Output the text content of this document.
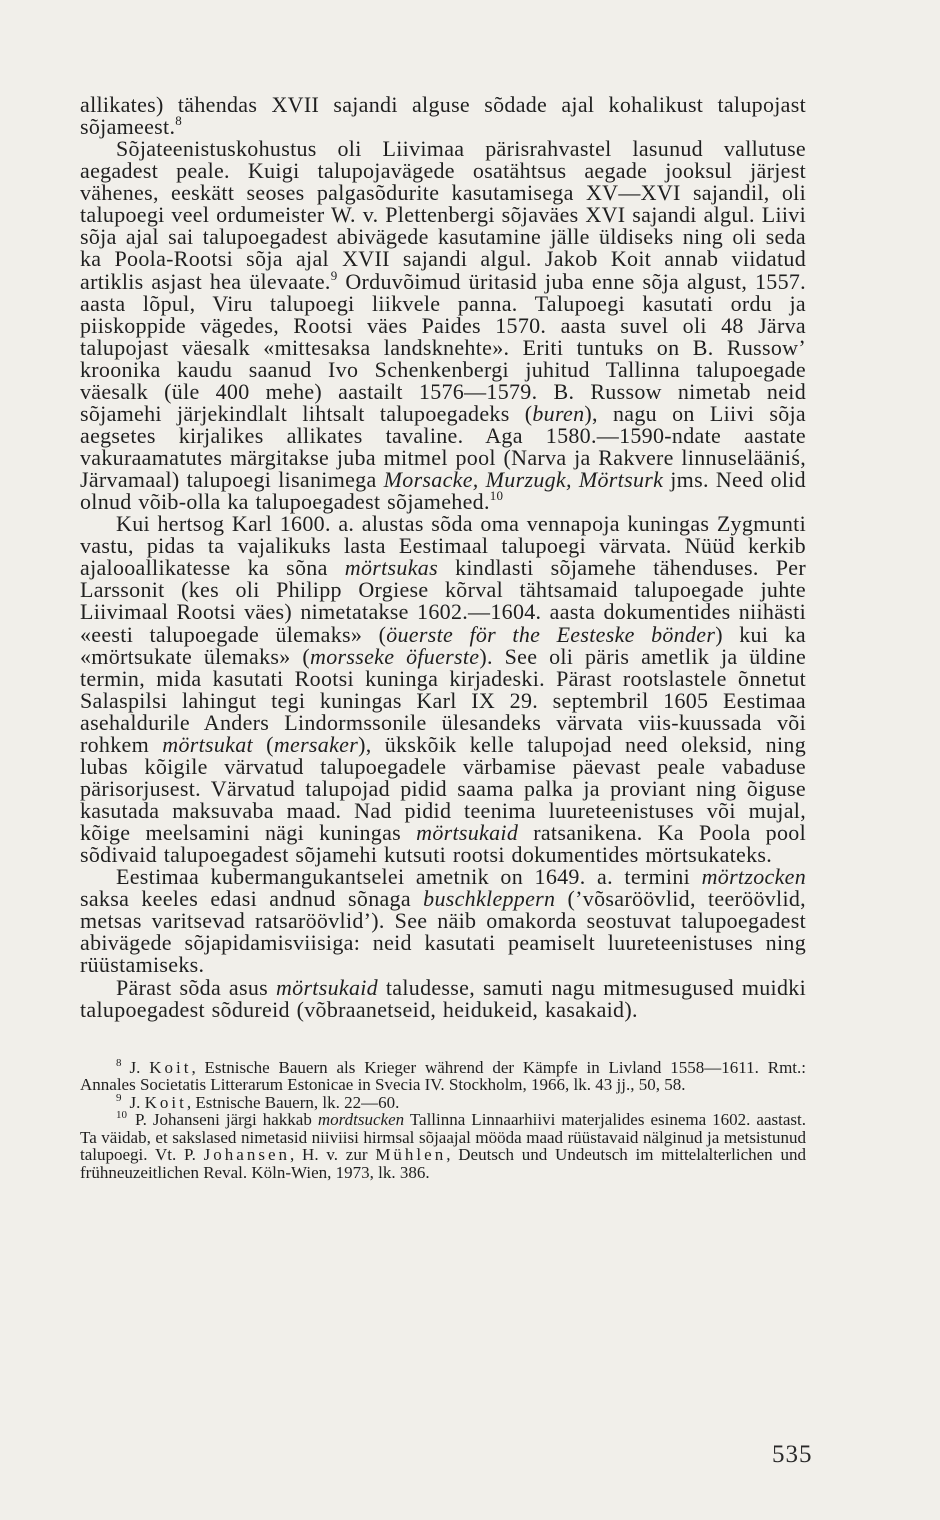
allikates) tähendas XVII sajandi alguse sõdade ajal kohalikust talupojast sõjameest.$^8$

Sõjateenistuskohustus oli Liivimaa pärisrahvastel lasunud vallutuse aegadest peale. Kuigi talupojavägede osatähtsus aegade jooksul järjest vähenes, eeskätt seoses palgasõdurite kasutamisega XV—XVI sajandil, oli talupoegi veel ordumeister W. v. Plettenbergi sõjaväes XVI sajandi algul. Liivi sõja ajal sai talupoegadest abivägede kasutamine jälle üldiseks ning oli seda ka Poola-Rootsi sõja ajal XVII sajandi algul. Jakob Koit annab viidatud artiklis asjast hea ülevaate.$^9$ Orduvõimud üritasid juba enne sõja algust, 1557. aasta lõpul, Viru talupoegi liikvele panna. Talupoegi kasutati ordu ja piiskoppide vägedes, Rootsi väes Paides 1570. aasta suvel oli 48 Järva talupojast väesalk «mittesaksa landsknehte». Eriti tuntuks on B. Russow’ kroonika kaudu saanud Ivo Schenkenbergi juhitud Tallinna talupoegade väesalk (üle 400 mehe) aastailt 1576—1579. B. Russow nimetab neid sõjamehi järjekindlalt lihtsalt talupoegadeks (buren), nagu on Liivi sõja aegsetes kirjalikes allikates tavaline. Aga 1580.—1590-ndate aastate vakuraamatutes märgitakse juba mitmel pool (Narva ja Rakvere linnuselääniś, Järvamaal) talupoegi lisanimega Morsacke, Murzugk, Mörtsurk jms. Need olid olnud võib-olla ka talupoegadest sõjamehed.$^{10}$

Kui hertsog Karl 1600. a. alustas sõda oma vennapoja kuningas Zygmunti vastu, pidas ta vajalikuks lasta Eestimaal talupoegi värvata. Nüüd kerkib ajalooallikatesse ka sõna mörtsukas kindlasti sõjamehe tähenduses. Per Larssonit (kes oli Philipp Orgiese kõrval tähtsamaid talupoegade juhte Liivimaal Rootsi väes) nimetatakse 1602.—1604. aasta dokumentides niihästi «eesti talupoegade ülemaks» (öuerste för the Eesteske bönder) kui ka «mörtsukate ülemaks» (morsseke öfuerste). See oli päris ametlik ja üldine termin, mida kasutati Rootsi kuninga kirjadeski. Pärast rootslastele õnnetut Salaspilsi lahingut tegi kuningas Karl IX 29. septembril 1605 Eestimaa asehaldurile Anders Lindormssonile ülesandeks värvata viis-kuussada või rohkem mörtsukat (mersaker), ükskõik kelle talupojad need oleksid, ning lubas kõigile värvatud talupoegadele värbamise päevast peale vabaduse pärisorjusest. Värvatud talupojad pidid saama palka ja proviant ning õiguse kasutada maksuvaba maad. Nad pidid teenima luureteenistuses või mujal, kõige meelsamini nägi kuningas mörtsukaid ratsanikena. Ka Poola pool sõdivaid talupoegadest sõjamehi kutsuti rootsi dokumentides mörtsukateks.

Eestimaa kubermangukantselei ametnik on 1649. a. termini mörtzocken saksa keeles edasi andnud sõnaga buschkleppern (’võsaröövlid, teeröövlid, metsas varitsevad ratsaröövlid’). See näib omakorda seostuvat talupoegadest abivägede sõjapidamisviisiga: neid kasutati peamiselt luureteenistuses ning rüüstamiseks.

Pärast sõda asus mörtsukaid taludesse, samuti nagu mitmesugused muidki talupoegadest sõdureid (võbraanetseid, heidukeid, kasakaid).

$^8$ J. Koit, Estnische Bauern als Krieger während der Kämpfe in Livland 1558—1611. Rmt.: Annales Societatis Litterarum Estonicae in Svecia IV. Stockholm, 1966, lk. 43 jj., 50, 58.

$^9$ J. Koit, Estnische Bauern, lk. 22—60.

$^{10}$ P. Johanseni järgi hakkab mordtsucken Tallinna Linnaarhiivi materjalides esinema 1602. aastast. Ta väidab, et sakslased nimetasid niiviisi hirmsal sõjaajal mööda maad rüüstavaid nälginud ja metsistunud talupoegi. Vt. P. Johansen, H. v. zur Mühlen, Deutsch und Undeutsch im mittelalterlichen und frühneuzeitlichen Reval. Köln-Wien, 1973, lk. 386.

535
